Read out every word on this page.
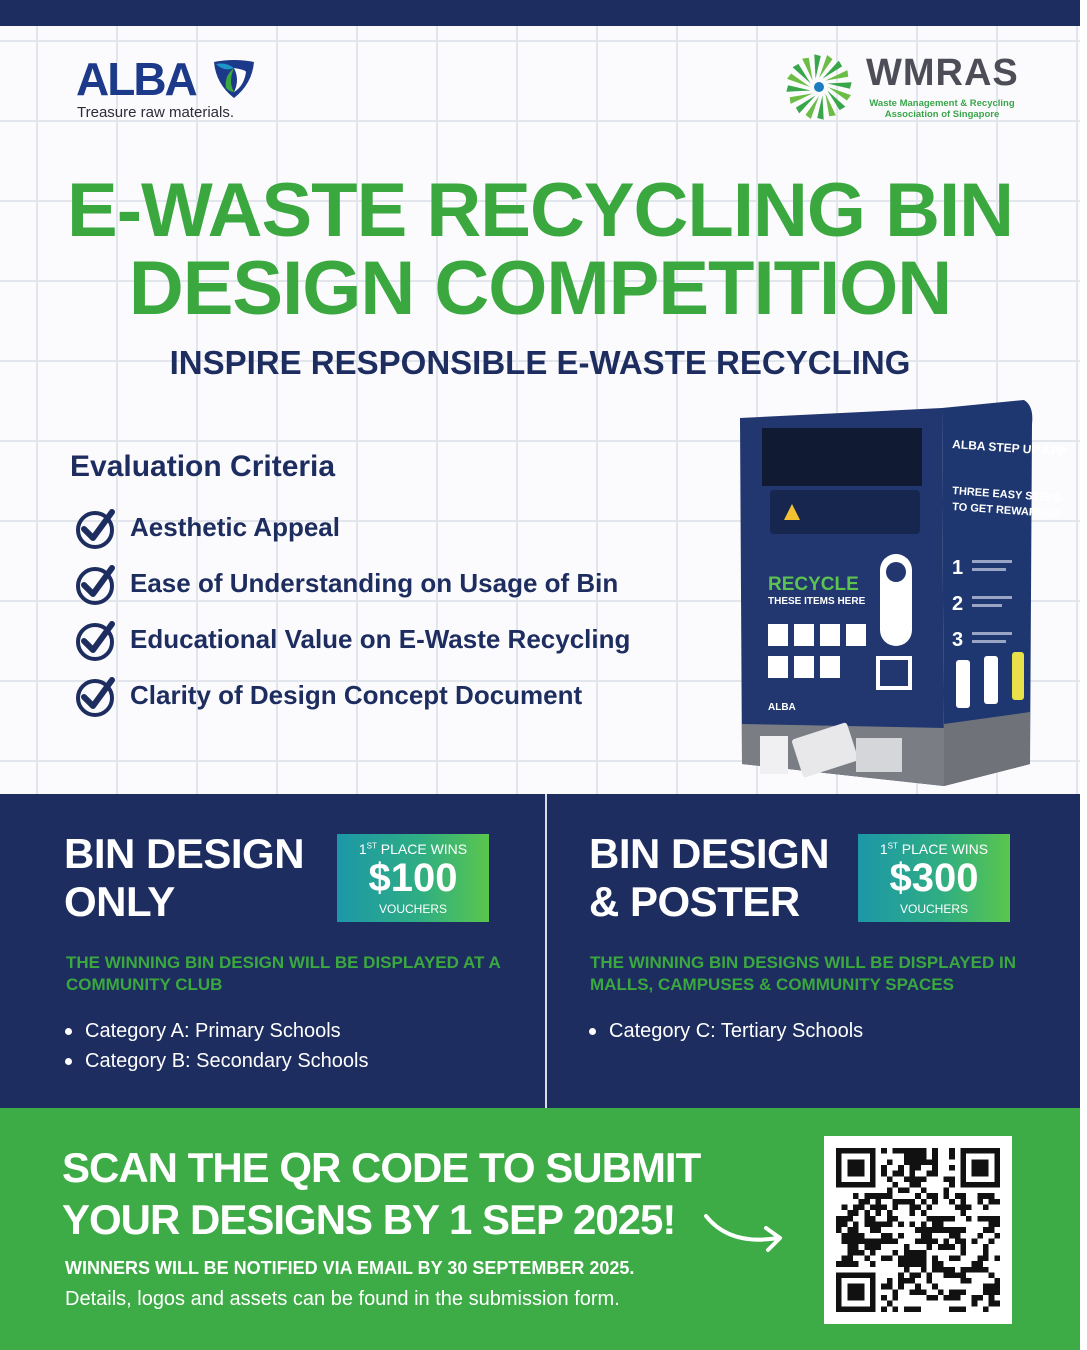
ALBA
Treasure raw materials.
WMRAS
Waste Management & Recycling Association of Singapore
E-WASTE RECYCLING BIN
DESIGN COMPETITION
INSPIRE RESPONSIBLE E-WASTE RECYCLING
Evaluation Criteria
Aesthetic Appeal
Ease of Understanding on Usage of Bin
Educational Value on E-Waste Recycling
Clarity of Design Concept Document
RECYCLE
THESE ITEMS HERE
ALBA
ALBA STEP UP APP
THREE EASY STEPS
TO GET REWARDED
1
2
3
BIN DESIGN
ONLY
1ST PLACE WINS
$100
VOUCHERS
THE WINNING BIN DESIGN WILL BE DISPLAYED AT A COMMUNITY CLUB
Category A: Primary Schools
Category B: Secondary Schools
BIN DESIGN
& POSTER
1ST PLACE WINS
$300
VOUCHERS
THE WINNING BIN DESIGNS WILL BE DISPLAYED IN MALLS, CAMPUSES & COMMUNITY SPACES
Category C: Tertiary Schools
SCAN THE QR CODE TO SUBMIT
YOUR DESIGNS BY 1 SEP 2025!
WINNERS WILL BE NOTIFIED VIA EMAIL BY 30 SEPTEMBER 2025.
Details, logos and assets can be found in the submission form.
